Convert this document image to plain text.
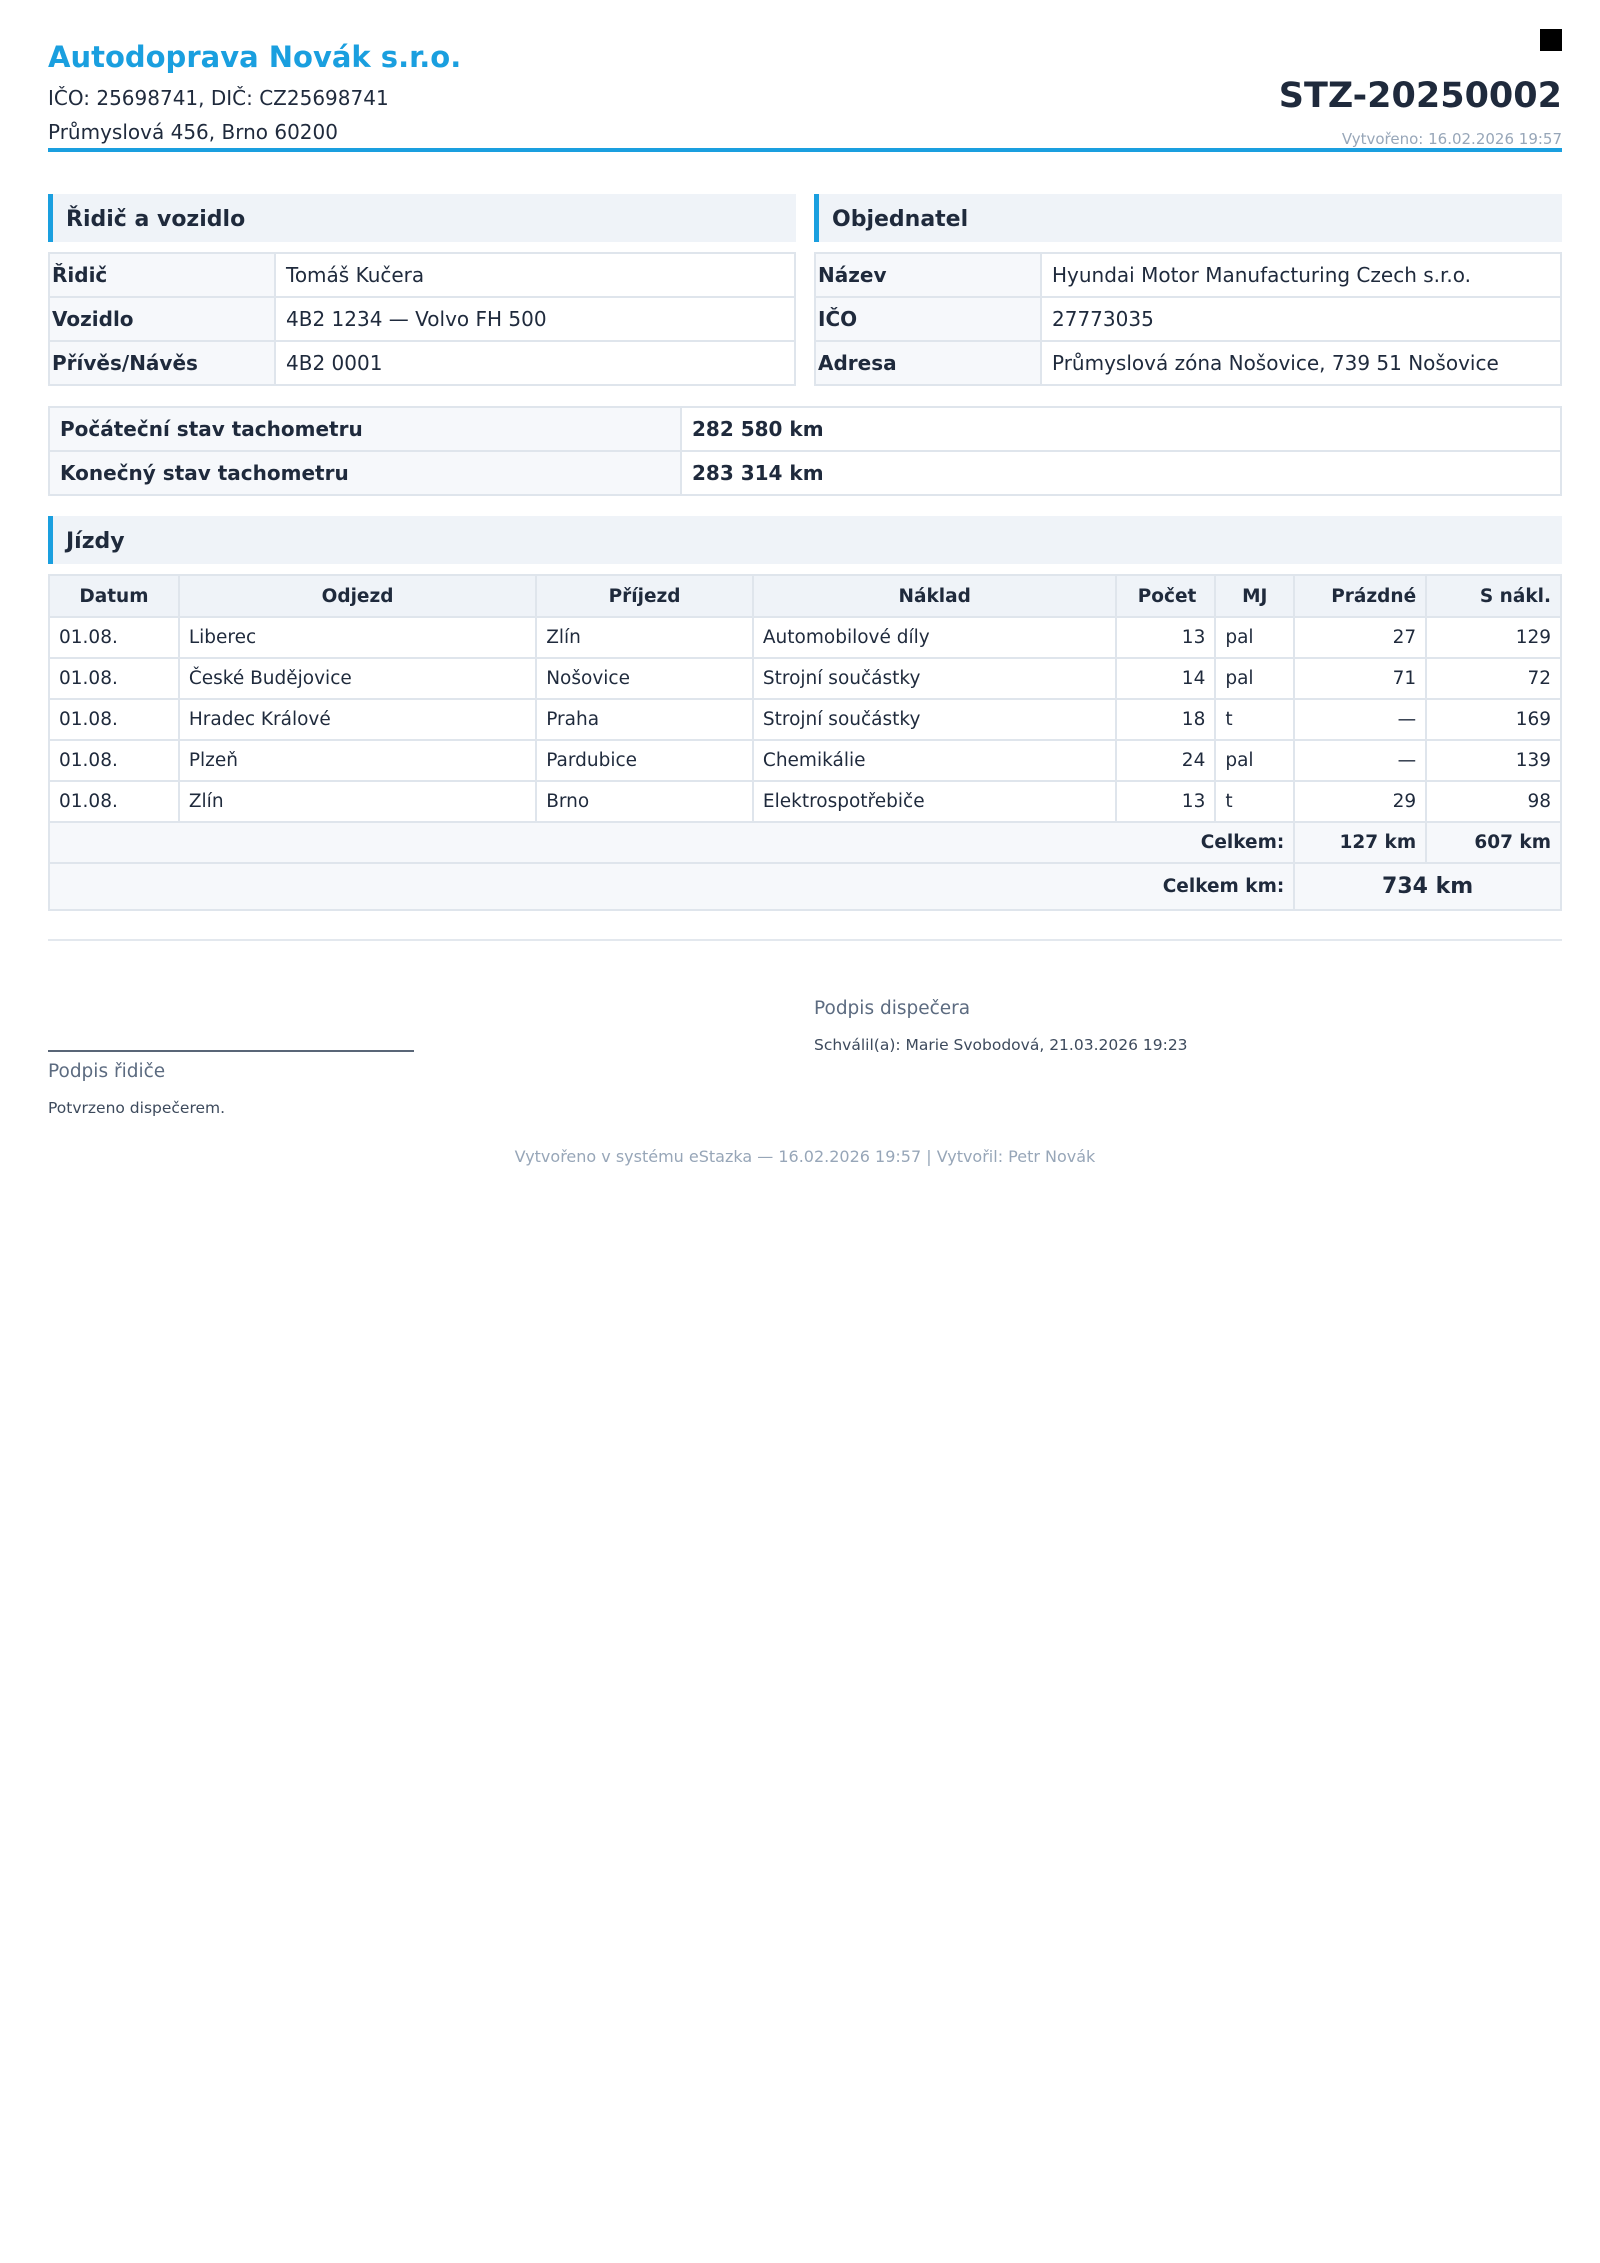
Autodoprava Novák s.r.o.
IČO: 25698741, DIČ: CZ25698741
Průmyslová 456, Brno 60200
STZ-20250002
Vytvořeno: 16.02.2026 19:57
Řidič a vozidlo
Řidič	Tomáš Kučera
Vozidlo	4B2 1234 — Volvo FH 500
Přívěs/Návěs	4B2 0001
Objednatel
Název	Hyundai Motor Manufacturing Czech s.r.o.
IČO	27773035
Adresa	Průmyslová zóna Nošovice, 739 51 Nošovice
Počáteční stav tachometru	282 580 km
Konečný stav tachometru	283 314 km
Jízdy
Datum	Odjezd	Příjezd	Náklad	Počet	MJ	Prázdné	S nákl.
01.08.	Liberec	Zlín	Automobilové díly	13	pal	27	129
01.08.	České Budějovice	Nošovice	Strojní součástky	14	pal	71	72
01.08.	Hradec Králové	Praha	Strojní součástky	18	t	—	169
01.08.	Plzeň	Pardubice	Chemikálie	24	pal	—	139
01.08.	Zlín	Brno	Elektrospotřebiče	13	t	29	98
Celkem:						127 km	607 km
Celkem km:						734 km	
Podpis dispečera
Schválil(a): Marie Svobodová, 21.03.2026 19:23
Podpis řidiče
Potvrzeno dispečerem.
Vytvořeno v systému eStazka — 16.02.2026 19:57 | Vytvořil: Petr Novák
